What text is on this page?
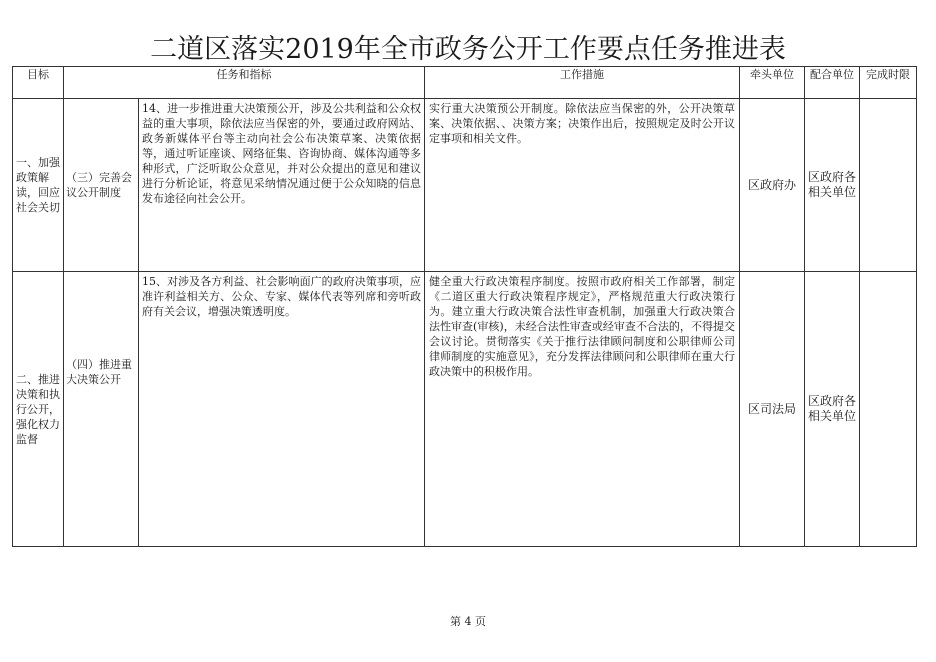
二道区落实2019年全市政务公开工作要点任务推进表
目标	任务和指标		工作措施	牵头单位	配合单位	完成时限
一、加强政策解读，回应社会关切	（三）完善会议公开制度	14、进一步推进重大决策预公开，涉及公共利益和公众权益的重大事项，除依法应当保密的外，要通过政府网站、政务新媒体平台等主动向社会公布决策草案、决策依据等，通过听证座谈、网络征集、咨询协商、媒体沟通等多种形式，广泛听取公众意见，并对公众提出的意见和建议进行分析论证，将意见采纳情况通过便于公众知晓的信息发布途径向社会公开。	实行重大决策预公开制度。除依法应当保密的外，公开决策草案、决策依据、、决策方案；决策作出后，按照规定及时公开议定事项和相关文件。	区政府办	区政府各相关单位	
二、推进决策和执行公开，强化权力监督	（四）推进重大决策公开	15、对涉及各方利益、社会影响面广的政府决策事项，应准许利益相关方、公众、专家、媒体代表等列席和旁听政府有关会议，增强决策透明度。	健全重大行政决策程序制度。按照市政府相关工作部署，制定《二道区重大行政决策程序规定》，严格规范重大行政决策行为。建立重大行政决策合法性审查机制，加强重大行政决策合法性审查(审核)，未经合法性审查或经审查不合法的，不得提交会议讨论。贯彻落实《关于推行法律顾问制度和公职律师公司律师制度的实施意见》，充分发挥法律顾问和公职律师在重大行政决策中的积极作用。	区司法局	区政府各相关单位	
第 4 页
